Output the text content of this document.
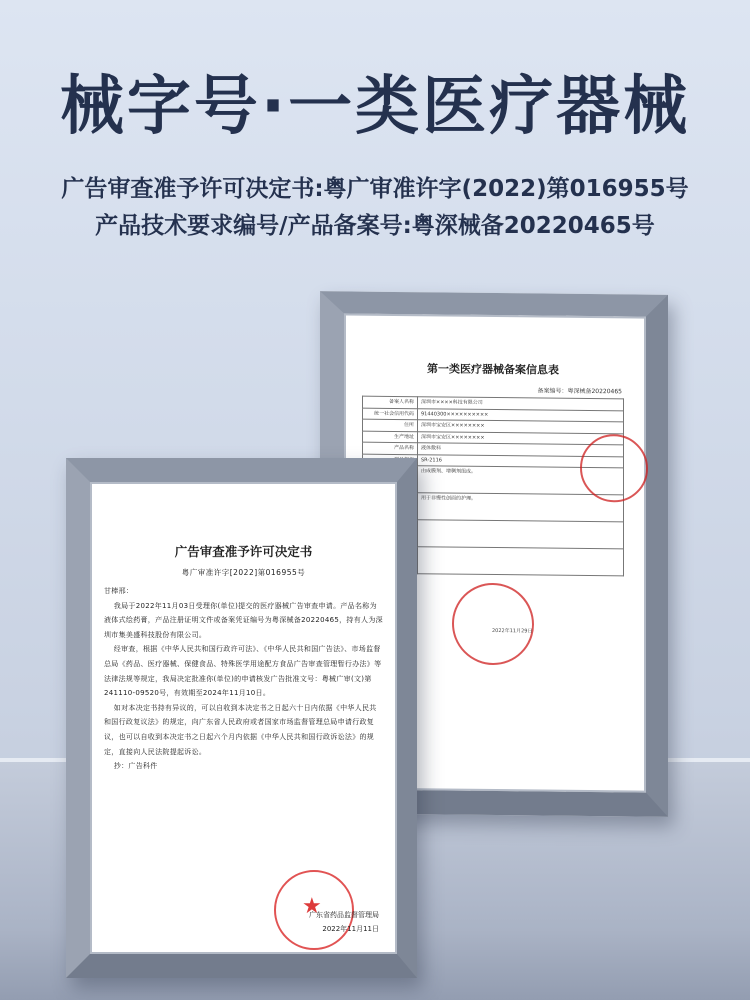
械字号·一类医疗器械
广告审查准予许可决定书:粤广审准许字(2022)第016955号
产品技术要求编号/产品备案号:粤深械备20220465号
第一类医疗器械备案信息表
备案编号：粤深械备20220465
备案人名称	深圳市××××科技有限公司
统一社会信用代码	91440300××××××××××
住所	深圳市宝安区××××××××
生产地址	深圳市宝安区××××××××
产品名称	液体敷料
	SR-2116
	由成膜剂、增稠剂组成。
	用于非慢性创面的护理。

2022年11月29日
广告审查准予许可决定书
粤广审准许字[2022]第016955号

甘棒邢：

我局于2022年11月03日受理你(单位)提交的医疗器械广告审查申请。产品名称为液体式绘药膏，产品注册证明文件或备案凭证编号为粤深械备20220465，持有人为深圳市集美盛科技股份有限公司。

经审查，根据《中华人民共和国行政许可法》、《中华人民共和国广告法》、市场监督总局《药品、医疗器械、保健食品、特殊医学用途配方食品广告审查管理暂行办法》等法律法规等规定，我局决定批准你(单位)的申请核发广告批准文号：粤械广审(文)第241110-09520号，有效期至2024年11月10日。

如对本决定书持有异议的，可以自收到本决定书之日起六十日内依据《中华人民共和国行政复议法》的规定，向广东省人民政府或者国家市场监督管理总局申请行政复议，也可以自收到本决定书之日起六个月内依据《中华人民共和国行政诉讼法》的规定，直接向人民法院提起诉讼。

抄：广告科件

★
广东省药品监督管理局
2022年11月11日
